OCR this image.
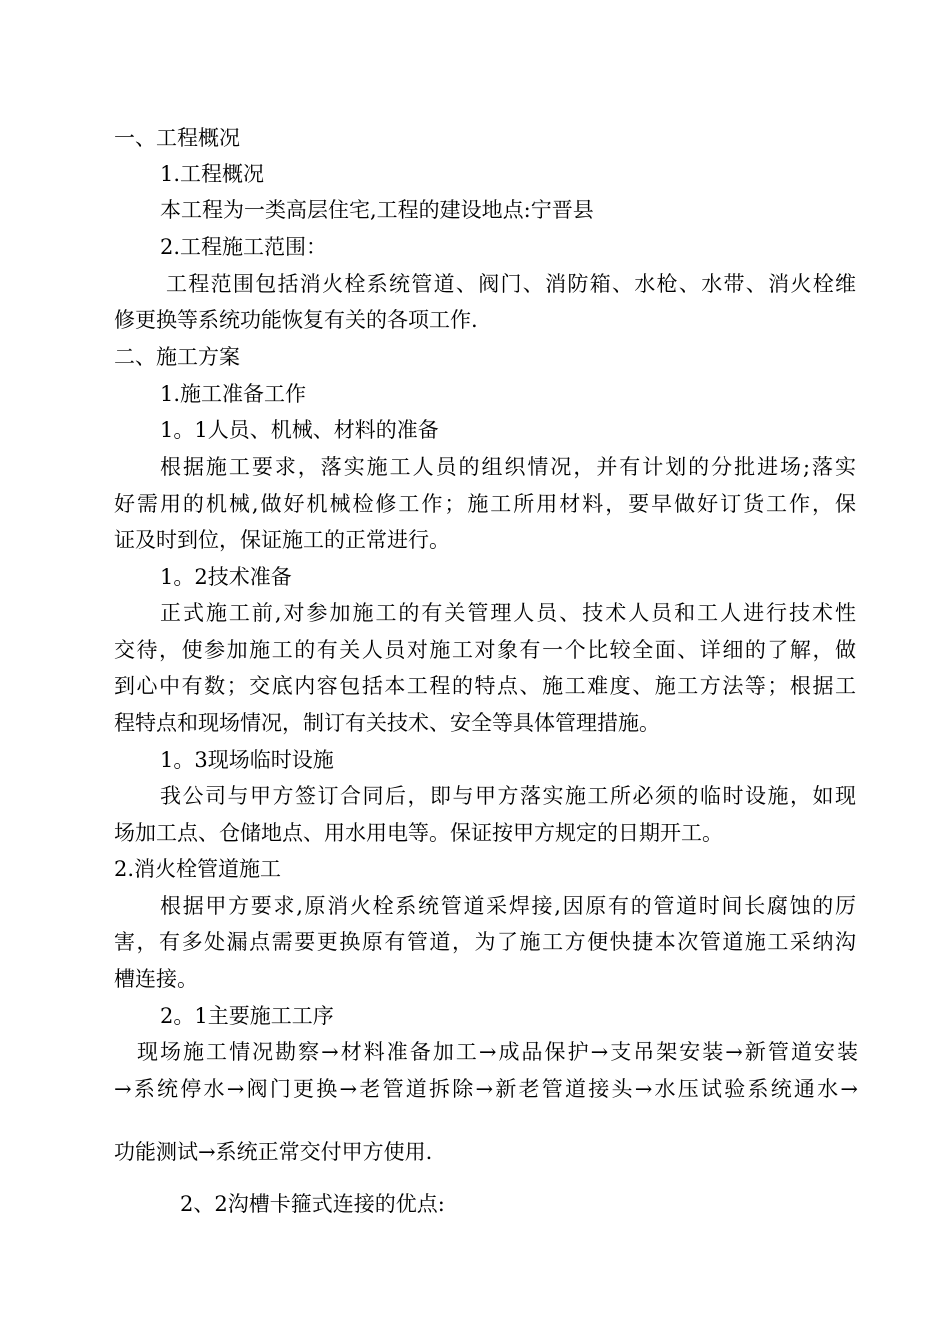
一、工程概况
1.工程概况
本工程为一类高层住宅,工程的建设地点:宁晋县
2.工程施工范围：
工程范围包括消火栓系统管道、阀门、消防箱、水枪、水带、消火栓维
修更换等系统功能恢复有关的各项工作.
二、施工方案
1.施工准备工作
1。1人员、机械、材料的准备
根据施工要求，落实施工人员的组织情况，并有计划的分批进场;落实
好需用的机械,做好机械检修工作；施工所用材料，要早做好订货工作，保
证及时到位，保证施工的正常进行。
1。2技术准备
正式施工前,对参加施工的有关管理人员、技术人员和工人进行技术性
交待，使参加施工的有关人员对施工对象有一个比较全面、详细的了解，做
到心中有数；交底内容包括本工程的特点、施工难度、施工方法等；根据工
程特点和现场情况，制订有关技术、安全等具体管理措施。
1。3现场临时设施
我公司与甲方签订合同后，即与甲方落实施工所必须的临时设施，如现
场加工点、仓储地点、用水用电等。保证按甲方规定的日期开工。
2.消火栓管道施工
根据甲方要求,原消火栓系统管道采焊接,因原有的管道时间长腐蚀的厉
害，有多处漏点需要更换原有管道，为了施工方便快捷本次管道施工采纳沟
槽连接。
2。1主要施工工序
现场施工情况勘察→材料准备加工→成品保护→支吊架安装→新管道安装
→系统停水→阀门更换→老管道拆除→新老管道接头→水压试验系统通水→
功能测试→系统正常交付甲方使用.
2、2沟槽卡箍式连接的优点:
